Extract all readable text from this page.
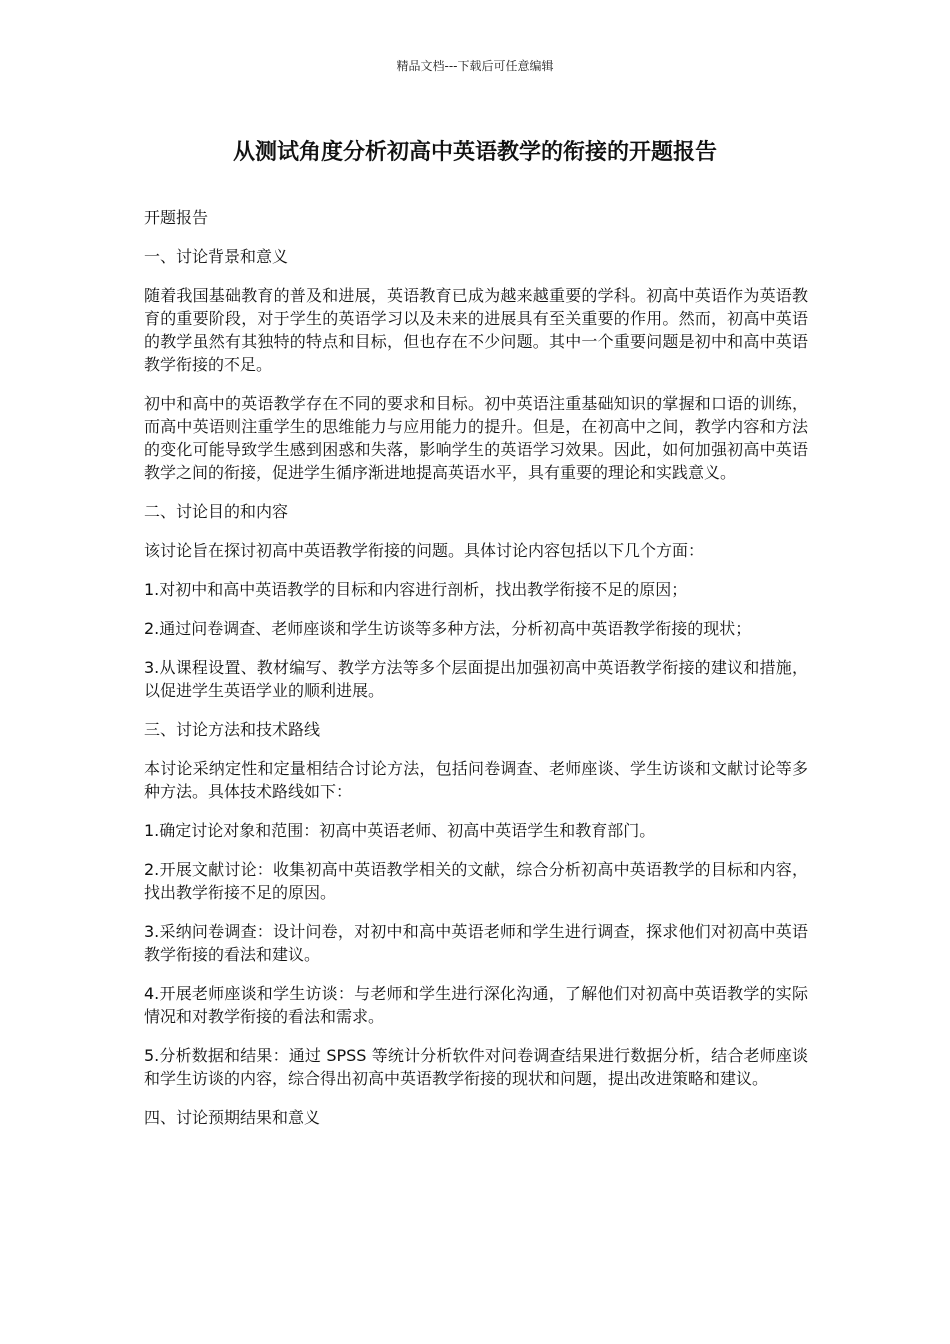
精品文档---下载后可任意编辑
从测试角度分析初高中英语教学的衔接的开题报告

开题报告

一、讨论背景和意义

随着我国基础教育的普及和进展，英语教育已成为越来越重要的学科。初高中英语作为英语教育的重要阶段，对于学生的英语学习以及未来的进展具有至关重要的作用。然而，初高中英语的教学虽然有其独特的特点和目标，但也存在不少问题。其中一个重要问题是初中和高中英语教学衔接的不足。

初中和高中的英语教学存在不同的要求和目标。初中英语注重基础知识的掌握和口语的训练，而高中英语则注重学生的思维能力与应用能力的提升。但是，在初高中之间，教学内容和方法的变化可能导致学生感到困惑和失落，影响学生的英语学习效果。因此，如何加强初高中英语教学之间的衔接，促进学生循序渐进地提高英语水平，具有重要的理论和实践意义。

二、讨论目的和内容

该讨论旨在探讨初高中英语教学衔接的问题。具体讨论内容包括以下几个方面：

1.对初中和高中英语教学的目标和内容进行剖析，找出教学衔接不足的原因；

2.通过问卷调查、老师座谈和学生访谈等多种方法，分析初高中英语教学衔接的现状；

3.从课程设置、教材编写、教学方法等多个层面提出加强初高中英语教学衔接的建议和措施，以促进学生英语学业的顺利进展。

三、讨论方法和技术路线

本讨论采纳定性和定量相结合讨论方法，包括问卷调查、老师座谈、学生访谈和文献讨论等多种方法。具体技术路线如下：

1.确定讨论对象和范围：初高中英语老师、初高中英语学生和教育部门。

2.开展文献讨论：收集初高中英语教学相关的文献，综合分析初高中英语教学的目标和内容，找出教学衔接不足的原因。

3.采纳问卷调查：设计问卷，对初中和高中英语老师和学生进行调查，探求他们对初高中英语教学衔接的看法和建议。

4.开展老师座谈和学生访谈：与老师和学生进行深化沟通，了解他们对初高中英语教学的实际情况和对教学衔接的看法和需求。

5.分析数据和结果：通过 SPSS 等统计分析软件对问卷调查结果进行数据分析，结合老师座谈和学生访谈的内容，综合得出初高中英语教学衔接的现状和问题，提出改进策略和建议。

四、讨论预期结果和意义
